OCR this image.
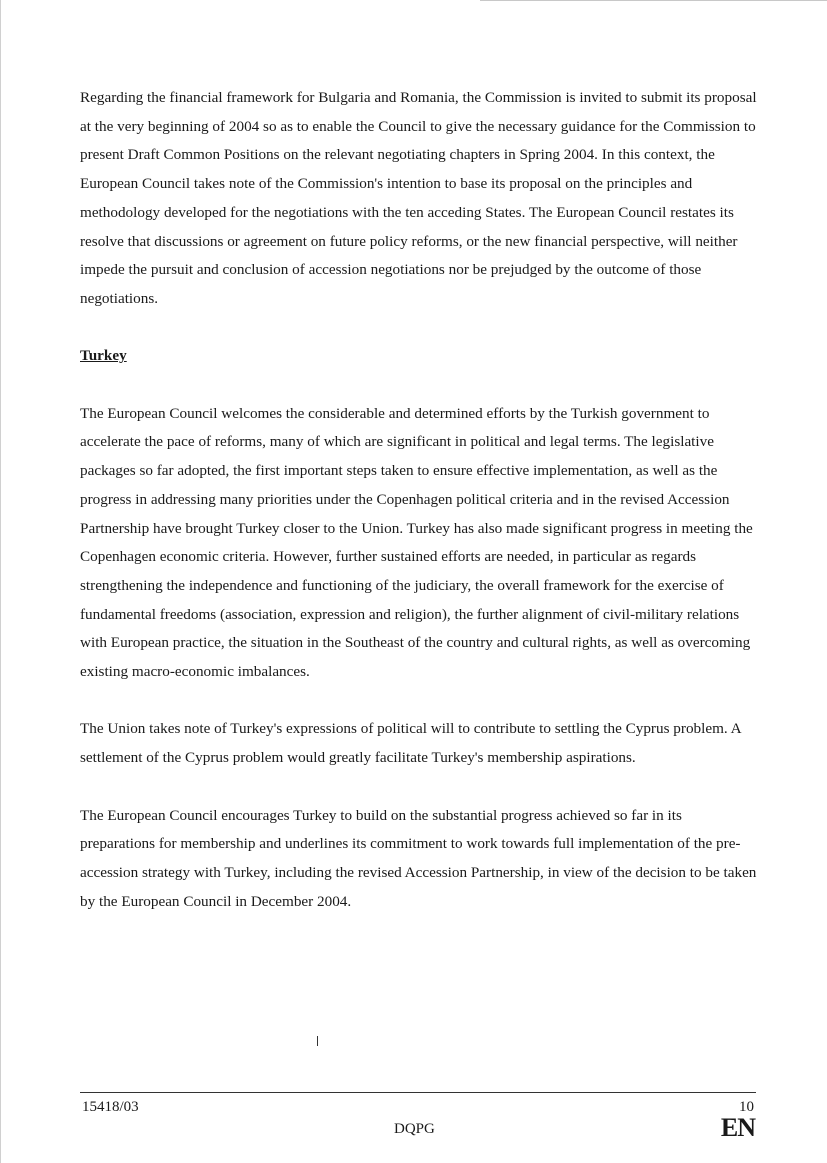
Regarding the financial framework for Bulgaria and Romania, the Commission is invited to submit its proposal at the very beginning of 2004 so as to enable the Council to give the necessary guidance for the Commission to present Draft Common Positions on the relevant negotiating chapters in Spring 2004. In this context, the European Council takes note of the Commission's intention to base its proposal on the principles and methodology developed for the negotiations with the ten acceding States. The European Council restates its resolve that discussions or agreement on future policy reforms, or the new financial perspective, will neither impede the pursuit and conclusion of accession negotiations nor be prejudged by the outcome of those negotiations.

Turkey

The European Council welcomes the considerable and determined efforts by the Turkish government to accelerate the pace of reforms, many of which are significant in political and legal terms. The legislative packages so far adopted, the first important steps taken to ensure effective implementation, as well as the progress in addressing many priorities under the Copenhagen political criteria and in the revised Accession Partnership have brought Turkey closer to the Union. Turkey has also made significant progress in meeting the Copenhagen economic criteria. However, further sustained efforts are needed, in particular as regards strengthening the independence and functioning of the judiciary, the overall framework for the exercise of fundamental freedoms (association, expression and religion), the further alignment of civil-military relations with European practice, the situation in the Southeast of the country and cultural rights, as well as overcoming existing macro-economic imbalances.

The Union takes note of Turkey's expressions of political will to contribute to settling the Cyprus problem. A settlement of the Cyprus problem would greatly facilitate Turkey's membership aspirations.

The European Council encourages Turkey to build on the substantial progress achieved so far in its preparations for membership and underlines its commitment to work towards full implementation of the pre-accession strategy with Turkey, including the revised Accession Partnership, in view of the decision to be taken by the European Council in December 2004.

15418/03
DQPG
10
EN
